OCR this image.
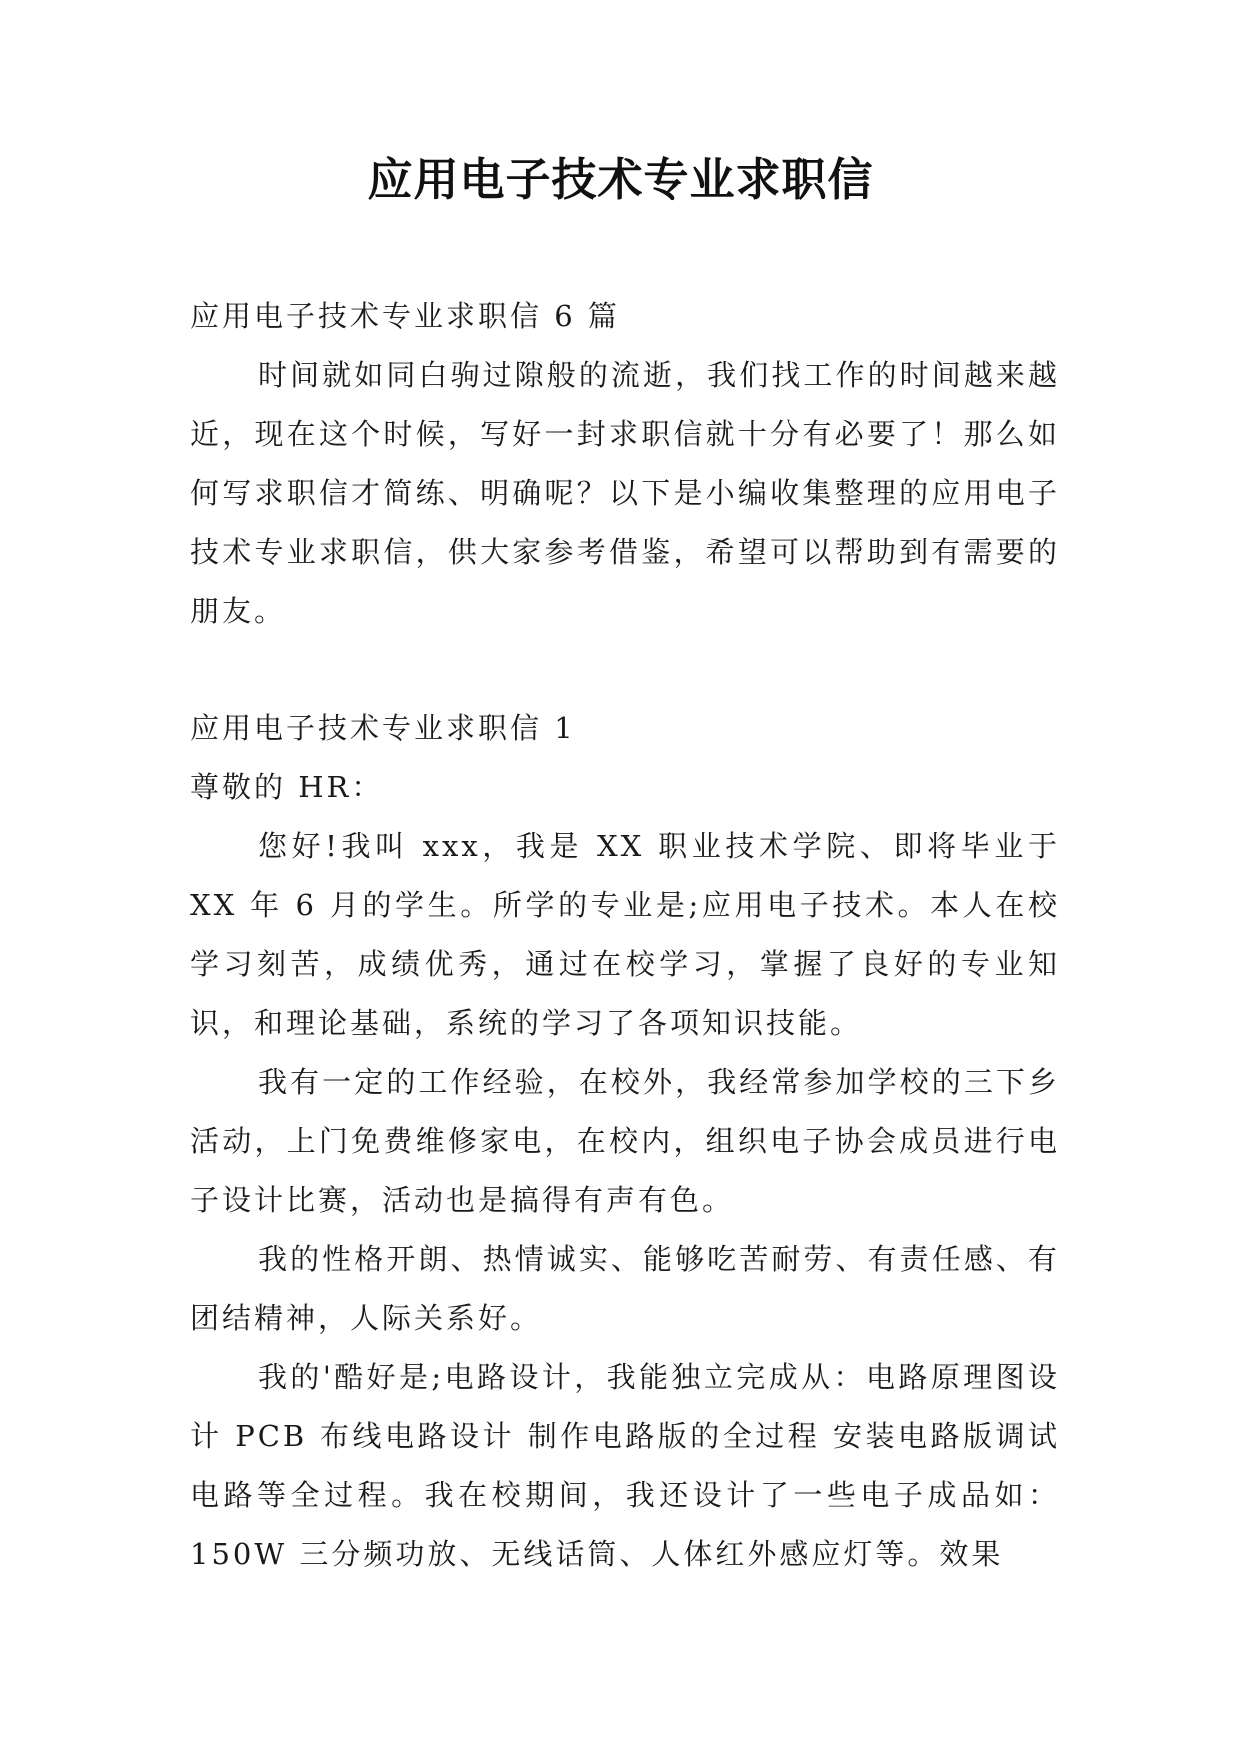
应用电子技术专业求职信

应用电子技术专业求职信 6 篇

时间就如同白驹过隙般的流逝，我们找工作的时间越来越近，现在这个时候，写好一封求职信就十分有必要了！那么如何写求职信才简练、明确呢？以下是小编收集整理的应用电子技术专业求职信，供大家参考借鉴，希望可以帮助到有需要的朋友。

应用电子技术专业求职信 1

尊敬的 HR：

您好!我叫 xxx，我是 XX 职业技术学院、即将毕业于 XX 年 6 月的学生。所学的专业是;应用电子技术。本人在校学习刻苦，成绩优秀，通过在校学习，掌握了良好的专业知识，和理论基础，系统的学习了各项知识技能。

我有一定的工作经验，在校外，我经常参加学校的三下乡活动，上门免费维修家电，在校内，组织电子协会成员进行电子设计比赛，活动也是搞得有声有色。

我的性格开朗、热情诚实、能够吃苦耐劳、有责任感、有团结精神，人际关系好。

我的'酷好是;电路设计，我能独立完成从：电路原理图设计 PCB 布线电路设计 制作电路版的全过程 安装电路版调试电路等全过程。我在校期间，我还设计了一些电子成品如：150W 三分频功放、无线话筒、人体红外感应灯等。效果
